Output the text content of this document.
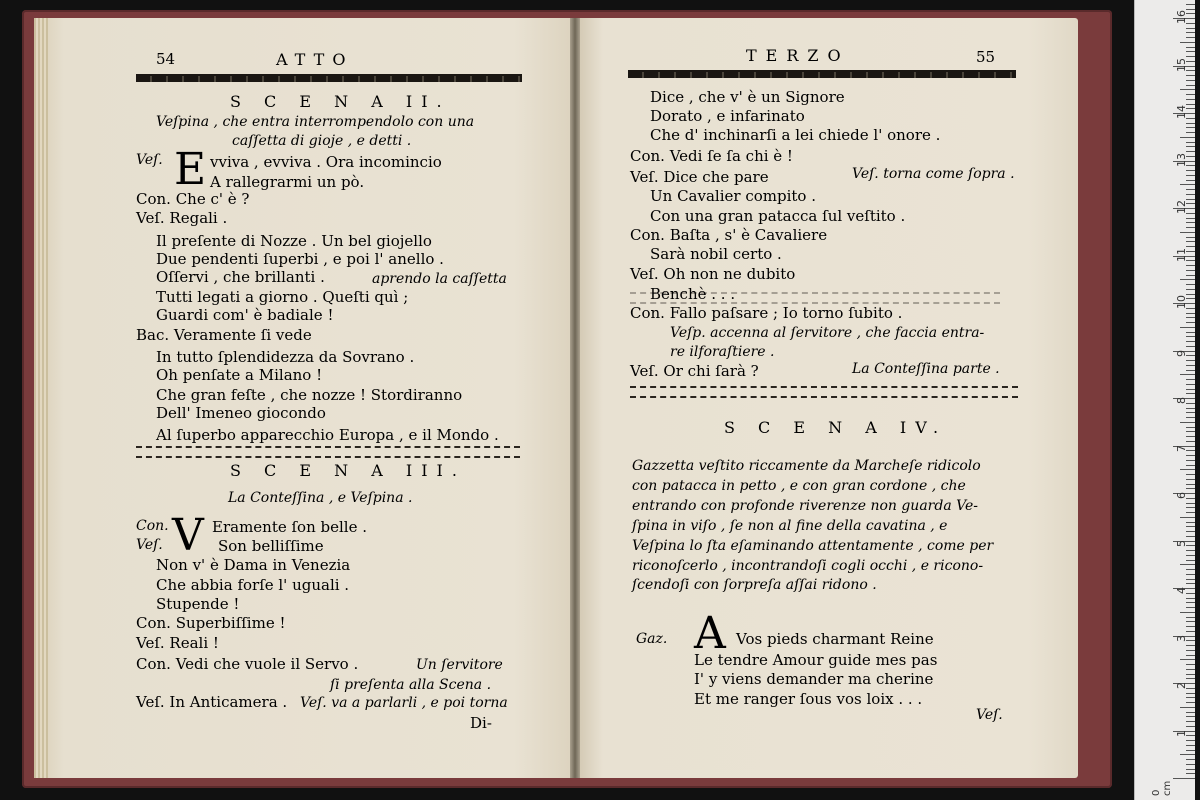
54	ATTO	TERZO	55
S C E N A II.
Veſpina , che entra interrompendolo con una
caſſetta di gioje , e detti .
Veſ.	vviva , evviva . Ora incomincio
A rallegrarmi un pò.
Con. Che c' è ?
Veſ. Regali .
Il preſente di Nozze . Un bel giojello
Due pendenti ſuperbi , e poi l' anello .
Oſſervi , che brillanti .	aprendo la caſſetta
Tutti legati a giorno . Queſti quì ;
Guardi com' è badiale !
Bac. Veramente ſi vede
In tutto ſplendidezza da Sovrano .
Oh penſate a Milano !
Che gran feſte , che nozze ! Stordiranno
Dell' Imeneo giocondo
Al ſuperbo apparecchio Europa , e il Mondo .
S C E N A III.
La Conteſſina , e Veſpina .
Con.	Eramente ſon belle .
Veſ.	Son belliſſime
Non v' è Dama in Venezia
Che abbia forſe l' uguali .
Stupende !
Con. Superbiſſime !
Veſ. Reali !
Con. Vedi che vuole il Servo .	Un ſervitore
ſi preſenta alla Scena .
Veſ. In Anticamera . Veſ. va a parlarli , e poi torna
Di-
Dice , che v' è un Signore
Dorato , e infarinato
Che d' inchinarſi a lei chiede l' onore .
Con. Vedi ſe ſa chi è !
Veſ. Dice che pare	Veſ. torna come ſopra .
Un Cavalier compito .
Con una gran patacca ſul veſtito .
Con. Baſta , s' è Cavaliere
Sarà nobil certo .
Veſ. Oh non ne dubito
Benchè . . .
Con. Fallo paſsare ; Io torno ſubito .
Veſp. accenna al ſervitore , che faccia entra-
re ilforaſtiere .
Veſ. Or chi ſarà ?	La Conteſſina parte .
S C E N A IV.
Gazzetta veſtito riccamente da Marcheſe ridicolo
con patacca in petto , e con gran cordone , che
entrando con profonde riverenze non guarda Ve-
ſpina in viſo , ſe non al fine della cavatina , e
Veſpina lo ſta eſaminando attentamente , come per
riconoſcerlo , incontrandoſi cogli occhi , e ricono-
ſcendoſi con ſorpreſa aſſai ridono .
Gaz.	Vos pieds charmant Reine
Le tendre Amour guide mes pas
I' y viens demander ma cherine
Et me ranger ſous vos loix . . .
Veſ.
E
V
A
0 cm
1
2
3
4
5
6
7
8
9
10
11
12
13
14
15
16
